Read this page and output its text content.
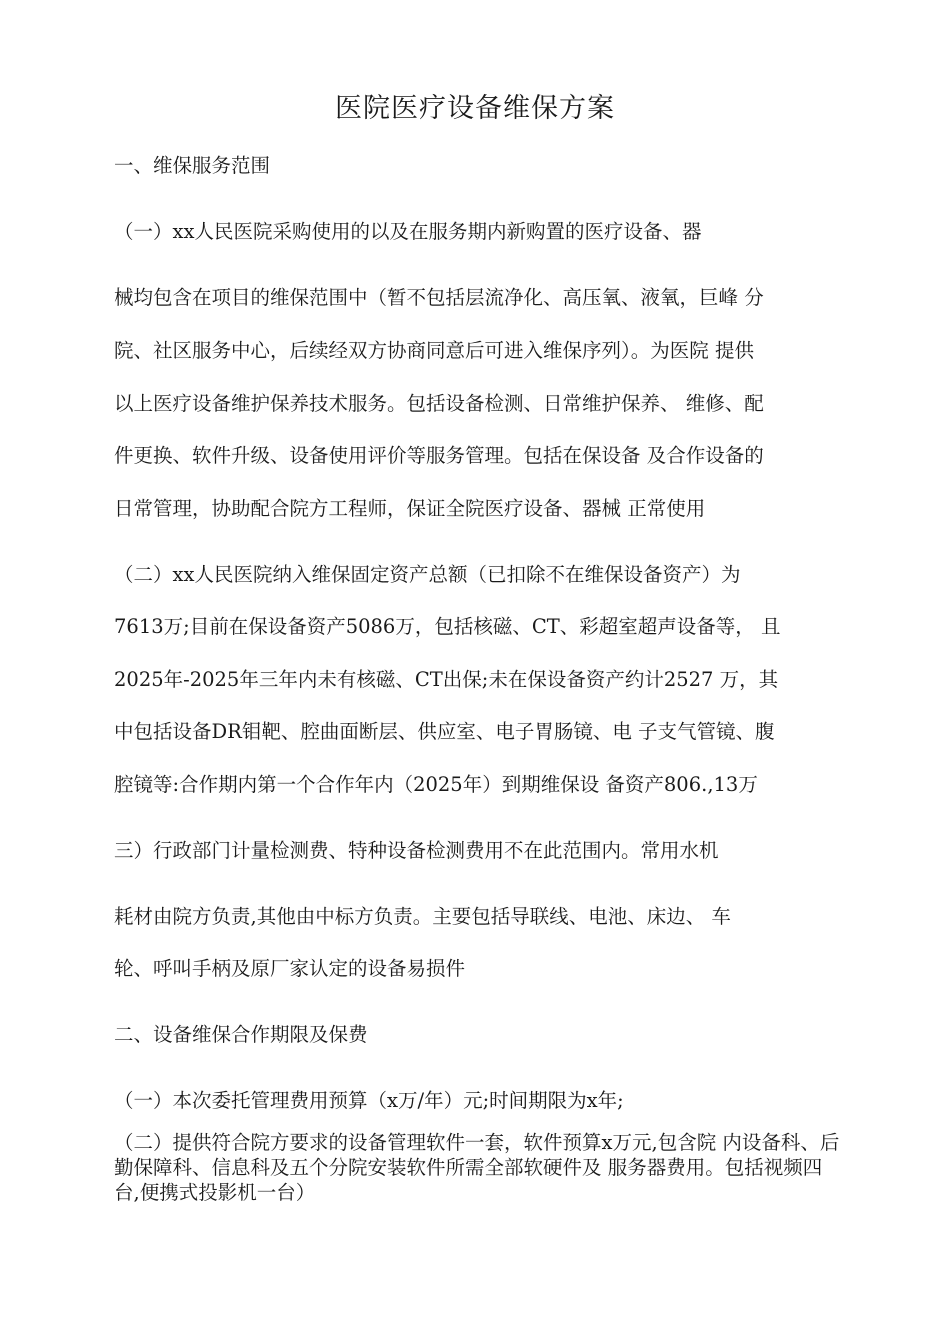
医院医疗设备维保方案
一、维保服务范围
（一）xx人民医院采购使用的以及在服务期内新购置的医疗设备、器
械均包含在项目的维保范围中（暂不包括层流净化、高压氧、液氧，巨峰 分
院、社区服务中心，后续经双方协商同意后可进入维保序列）。为医院 提供
以上医疗设备维护保养技术服务。包括设备检测、日常维护保养、 维修、配
件更换、软件升级、设备使用评价等服务管理。包括在保设备 及合作设备的
日常管理，协助配合院方工程师，保证全院医疗设备、器械 正常使用
（二）xx人民医院纳入维保固定资产总额（已扣除不在维保设备资产）为
7613万;目前在保设备资产5086万，包括核磁、CT、彩超室超声设备等， 且
2025年-2025年三年内未有核磁、CT出保;未在保设备资产约计2527 万，其
中包括设备DR钼靶、腔曲面断层、供应室、电子胃肠镜、电 子支气管镜、腹
腔镜等:合作期内第一个合作年内（2025年）到期维保设 备资产806.,13万
三）行政部门计量检测费、特种设备检测费用不在此范围内。常用水机
耗材由院方负责,其他由中标方负责。主要包括导联线、电池、床边、 车
轮、呼叫手柄及原厂家认定的设备易损件
二、设备维保合作期限及保费
（一）本次委托管理费用预算（x万/年）元;时间期限为x年;
（二）提供符合院方要求的设备管理软件一套，软件预算x万元,包含院 内设备科、后勤保障科、信息科及五个分院安装软件所需全部软硬件及 服务器费用。包括视频四台,便携式投影机一台）
